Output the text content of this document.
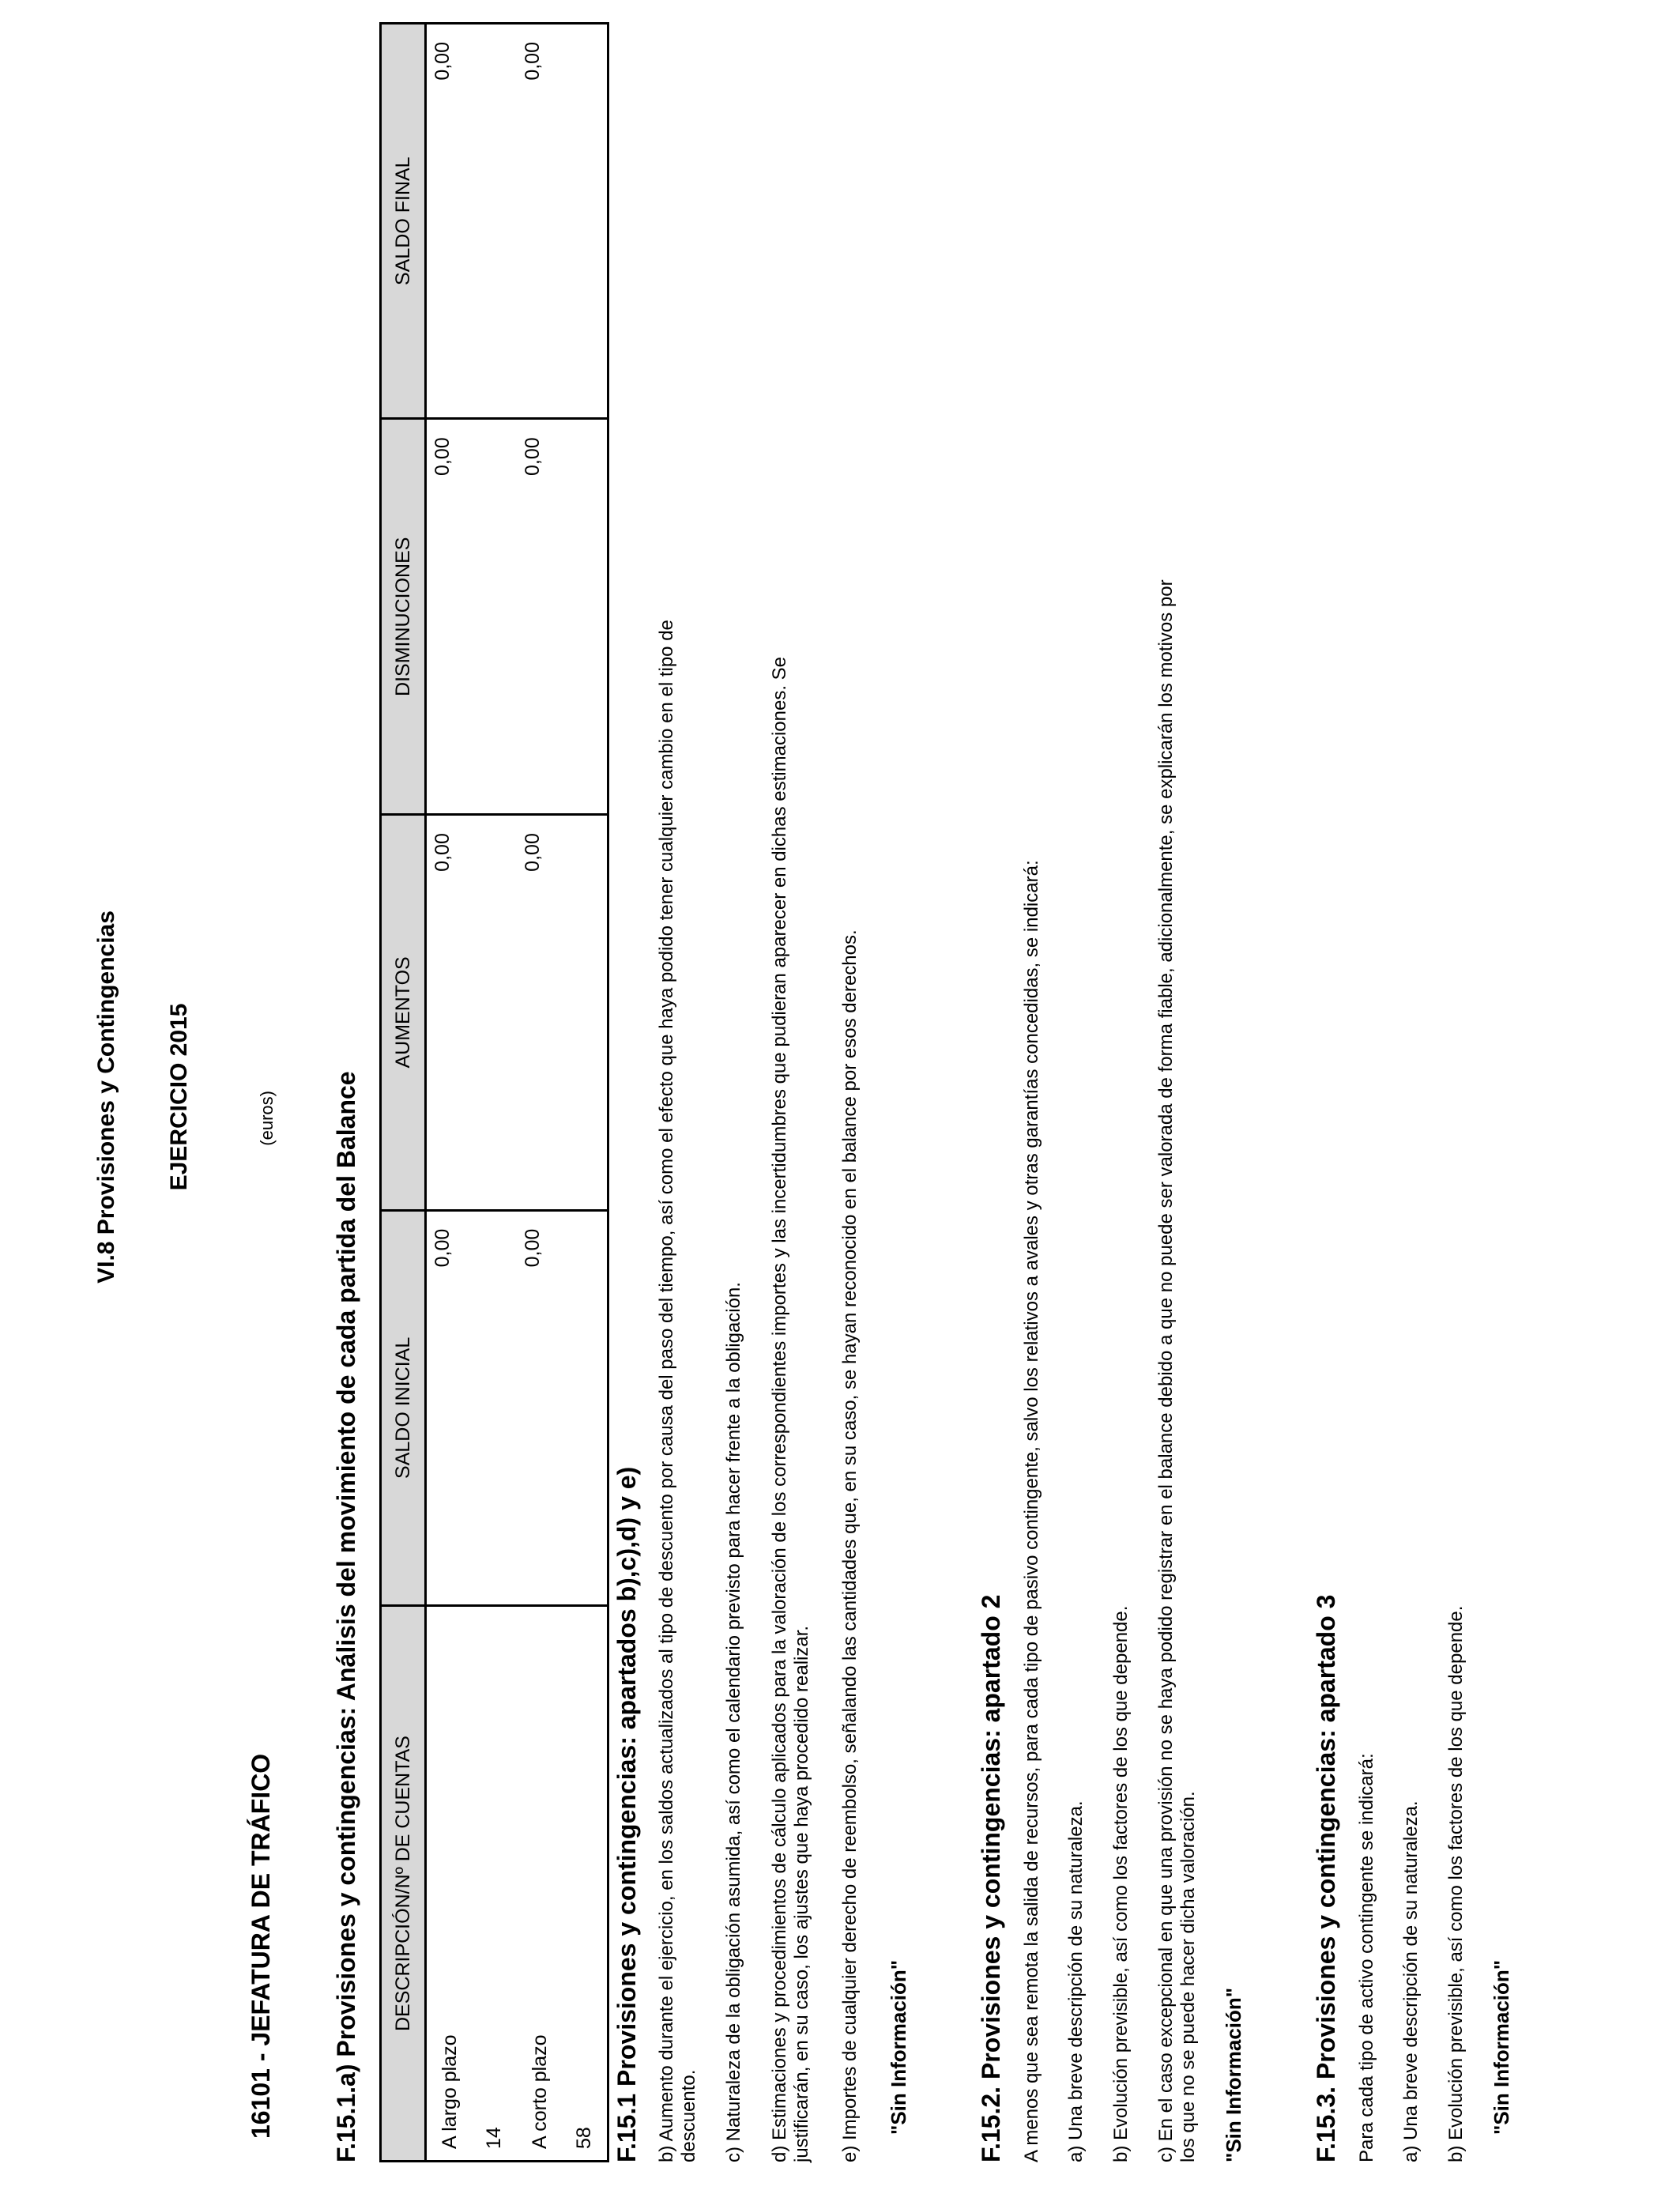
VI.8 Provisiones y Contingencias EJERCICIO 2015	(euros)
16101 - JEFATURA DE TRÁFICO F.15.1.a) Provisiones y contingencias: Análisis del movimiento de cada partida del Balance DESCRIPCIÓN/Nº DE CUENTAS	SALDO INICIAL	AUMENTOS	DISMINUCIONES	SALDO FINAL

A largo plazo 14	0,00	0,00	0,00	0,00

A corto plazo 58	0,00	0,00	0,00	0,00
F.15.1 Provisiones y contingencias: apartados b),c),d) y e) b) Aumento durante el ejercicio, en los saldos actualizados al tipo de descuento por causa del paso del tiempo, así como el efecto que haya podido tener cualquier cambio en el tipo de descuento. c) Naturaleza de la obligación asumida, así como el calendario previsto para hacer frente a la obligación. d) Estimaciones y procedimientos de cálculo aplicados para la valoración de los correspondientes importes y las incertidumbres que pudieran aparecer en dichas estimaciones. Se justificarán, en su caso, los ajustes que haya procedido realizar. e) Importes de cualquier derecho de reembolso, señalando las cantidades que, en su caso, se hayan reconocido en el balance por esos derechos. "Sin Información"	F.15.2. Provisiones y contingencias: apartado 2 A menos que sea remota la salida de recursos, para cada tipo de pasivo contingente, salvo los relativos a avales y otras garantías concedidas, se indicará: a) Una breve descripción de su naturaleza. b) Evolución previsible, así como los factores de los que depende. c) En el caso excepcional en que una provisión no se haya podido registrar en el balance debido a que no puede ser valorada de forma fiable, adicionalmente, se explicarán los motivos por los que no se puede hacer dicha valoración. "Sin Información"	F.15.3. Provisiones y contingencias: apartado 3 Para cada tipo de activo contingente se indicará: a) Una breve descripción de su naturaleza. b) Evolución previsible, así como los factores de los que depende. "Sin Información"
